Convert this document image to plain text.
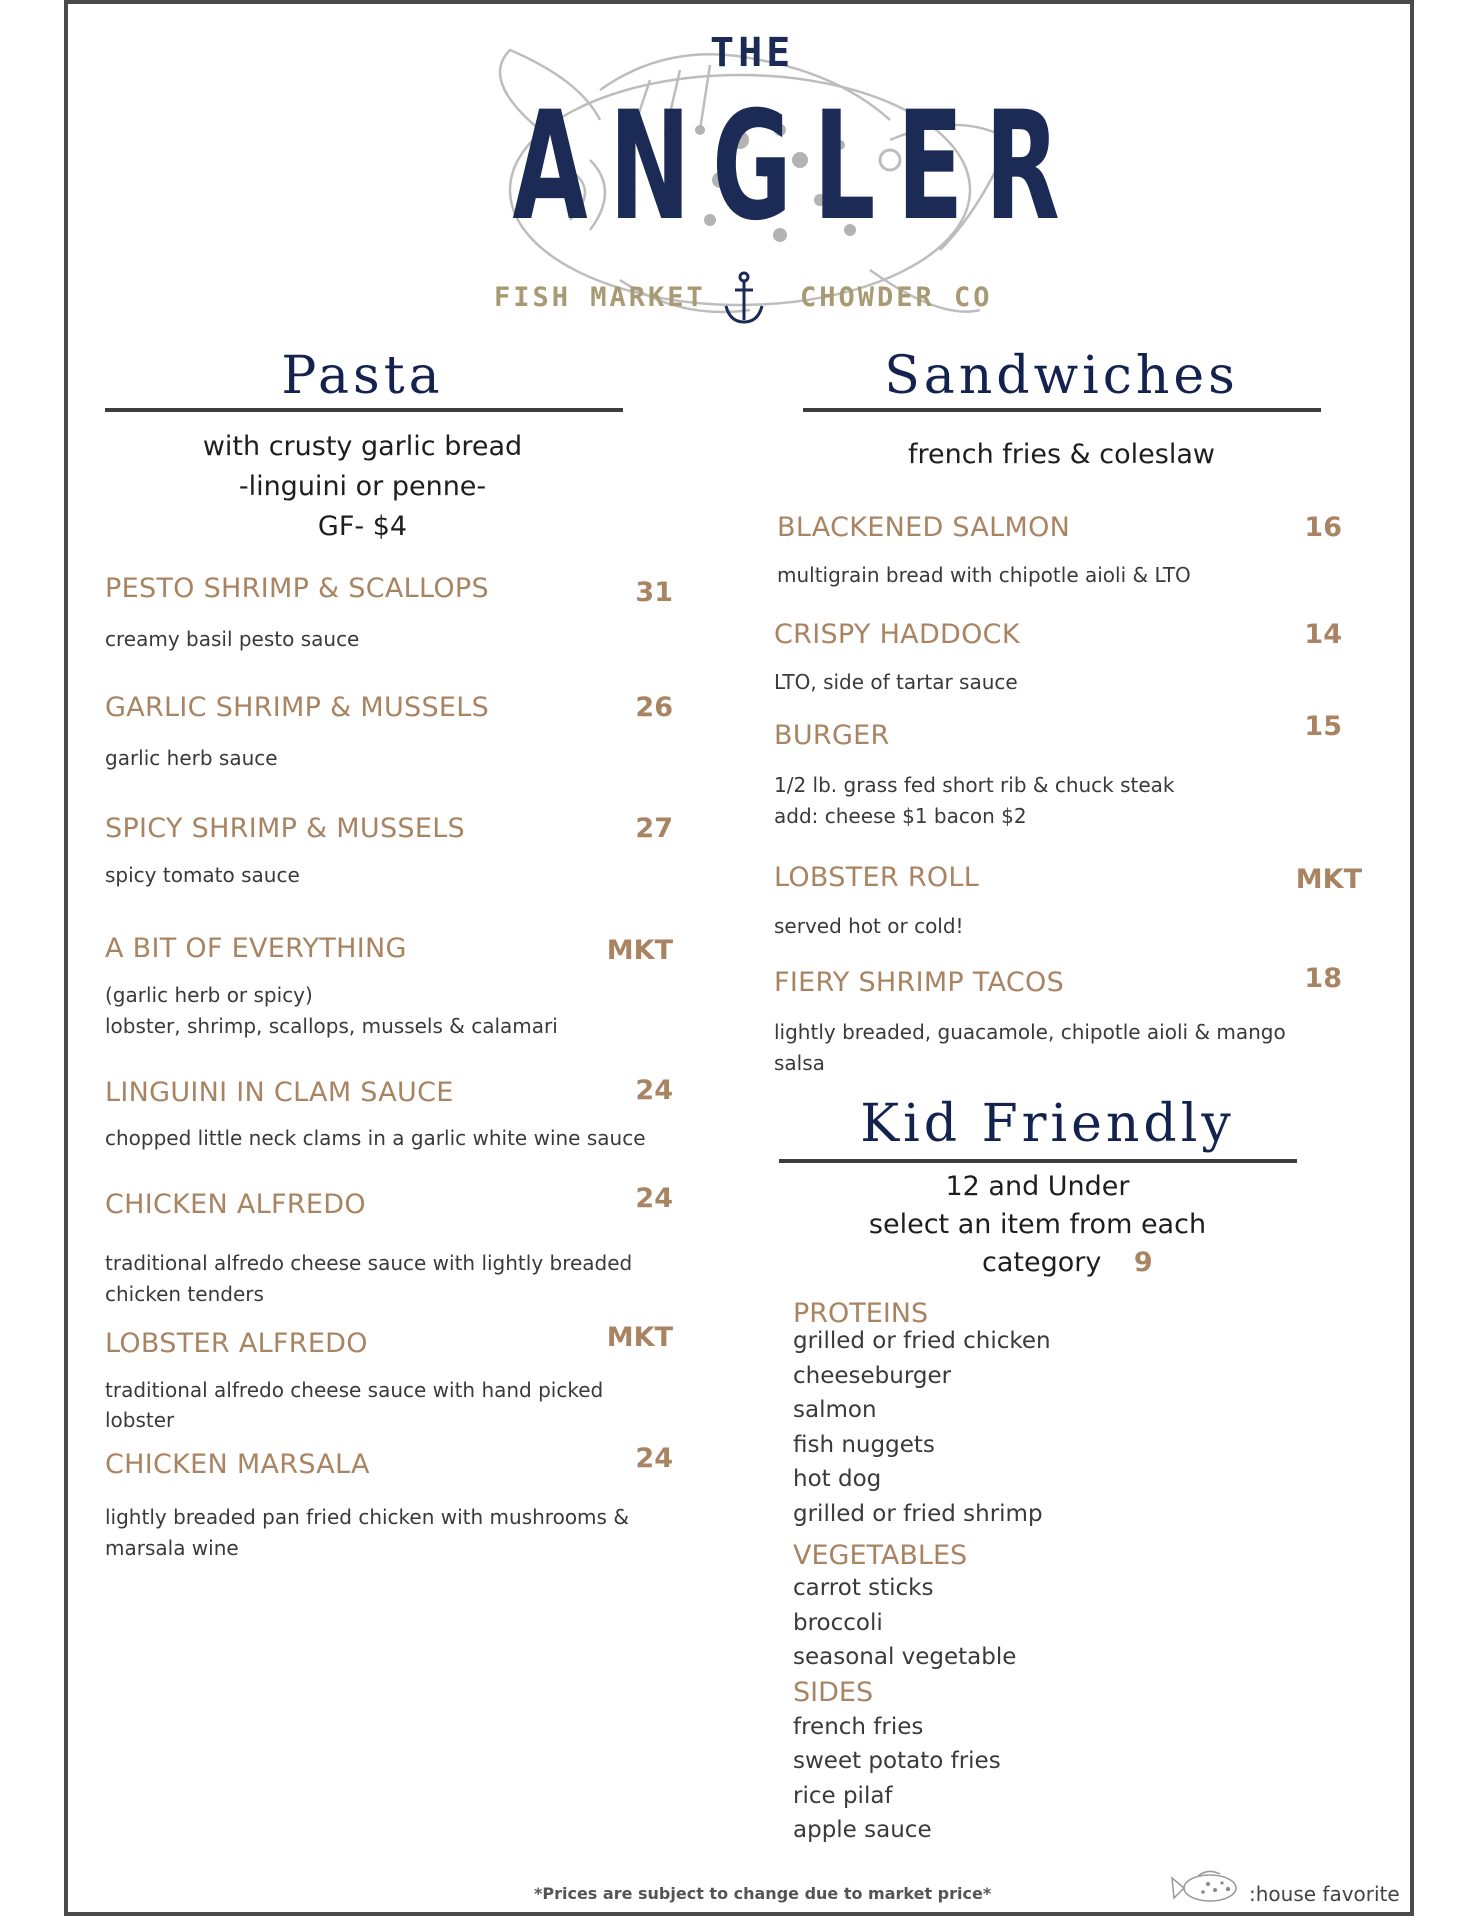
THE
ANGLER
FISH MARKET	CHOWDER CO
Pasta
with crusty garlic bread
-linguini or penne-
GF- $4
PESTO SHRIMP & SCALLOPS	31
creamy basil pesto sauce
GARLIC SHRIMP & MUSSELS	26
garlic herb sauce
SPICY SHRIMP & MUSSELS	27
spicy tomato sauce
A BIT OF EVERYTHING	MKT
(garlic herb or spicy)
lobster, shrimp, scallops, mussels & calamari
LINGUINI IN CLAM SAUCE	24
chopped little neck clams in a garlic white wine sauce
CHICKEN ALFREDO	24
traditional alfredo cheese sauce with lightly breaded
chicken tenders
LOBSTER ALFREDO	MKT
traditional alfredo cheese sauce with hand picked
lobster
CHICKEN MARSALA	24
lightly breaded pan fried chicken with mushrooms &
marsala wine
Sandwiches
french fries & coleslaw
BLACKENED SALMON	16
multigrain bread with chipotle aioli & LTO
CRISPY HADDOCK	14
LTO, side of tartar sauce
BURGER	15
1/2 lb. grass fed short rib & chuck steak
add: cheese $1 bacon $2
LOBSTER ROLL	MKT
served hot or cold!
FIERY SHRIMP TACOS	18
lightly breaded, guacamole, chipotle aioli & mango
salsa
Kid Friendly
12 and Under
select an item from each
category 9
PROTEINS
grilled or fried chicken
cheeseburger
salmon
fish nuggets
hot dog
grilled or fried shrimp
VEGETABLES
carrot sticks
broccoli
seasonal vegetable
SIDES
french fries
sweet potato fries
rice pilaf
apple sauce
*Prices are subject to change due to market price*	:house favorite
